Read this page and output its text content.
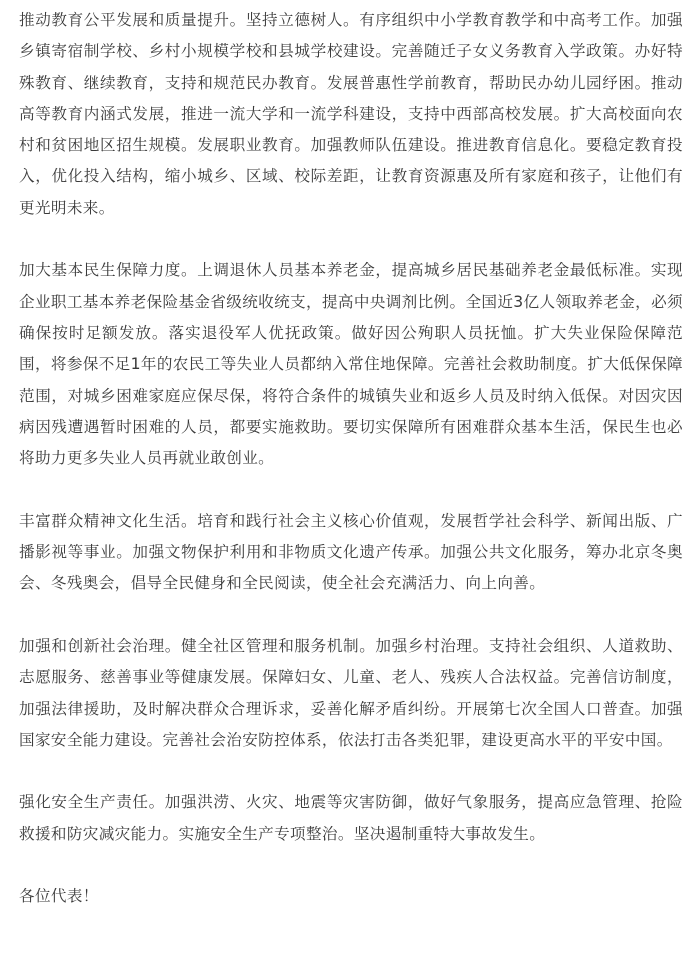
推动教育公平发展和质量提升。坚持立德树人。有序组织中小学教育教学和中高考工作。加强乡镇寄宿制学校、乡村小规模学校和县城学校建设。完善随迁子女义务教育入学政策。办好特殊教育、继续教育，支持和规范民办教育。发展普惠性学前教育，帮助民办幼儿园纾困。推动高等教育内涵式发展，推进一流大学和一流学科建设，支持中西部高校发展。扩大高校面向农村和贫困地区招生规模。发展职业教育。加强教师队伍建设。推进教育信息化。要稳定教育投入，优化投入结构，缩小城乡、区域、校际差距，让教育资源惠及所有家庭和孩子，让他们有更光明未来。

加大基本民生保障力度。上调退休人员基本养老金，提高城乡居民基础养老金最低标准。实现企业职工基本养老保险基金省级统收统支，提高中央调剂比例。全国近3亿人领取养老金，必须确保按时足额发放。落实退役军人优抚政策。做好因公殉职人员抚恤。扩大失业保险保障范围，将参保不足1年的农民工等失业人员都纳入常住地保障。完善社会救助制度。扩大低保保障范围，对城乡困难家庭应保尽保，将符合条件的城镇失业和返乡人员及时纳入低保。对因灾因病因残遭遇暂时困难的人员，都要实施救助。要切实保障所有困难群众基本生活，保民生也必将助力更多失业人员再就业敢创业。

丰富群众精神文化生活。培育和践行社会主义核心价值观，发展哲学社会科学、新闻出版、广播影视等事业。加强文物保护利用和非物质文化遗产传承。加强公共文化服务，筹办北京冬奥会、冬残奥会，倡导全民健身和全民阅读，使全社会充满活力、向上向善。

加强和创新社会治理。健全社区管理和服务机制。加强乡村治理。支持社会组织、人道救助、志愿服务、慈善事业等健康发展。保障妇女、儿童、老人、残疾人合法权益。完善信访制度，加强法律援助，及时解决群众合理诉求，妥善化解矛盾纠纷。开展第七次全国人口普查。加强国家安全能力建设。完善社会治安防控体系，依法打击各类犯罪，建设更高水平的平安中国。

强化安全生产责任。加强洪涝、火灾、地震等灾害防御，做好气象服务，提高应急管理、抢险救援和防灾减灾能力。实施安全生产专项整治。坚决遏制重特大事故发生。

各位代表！
